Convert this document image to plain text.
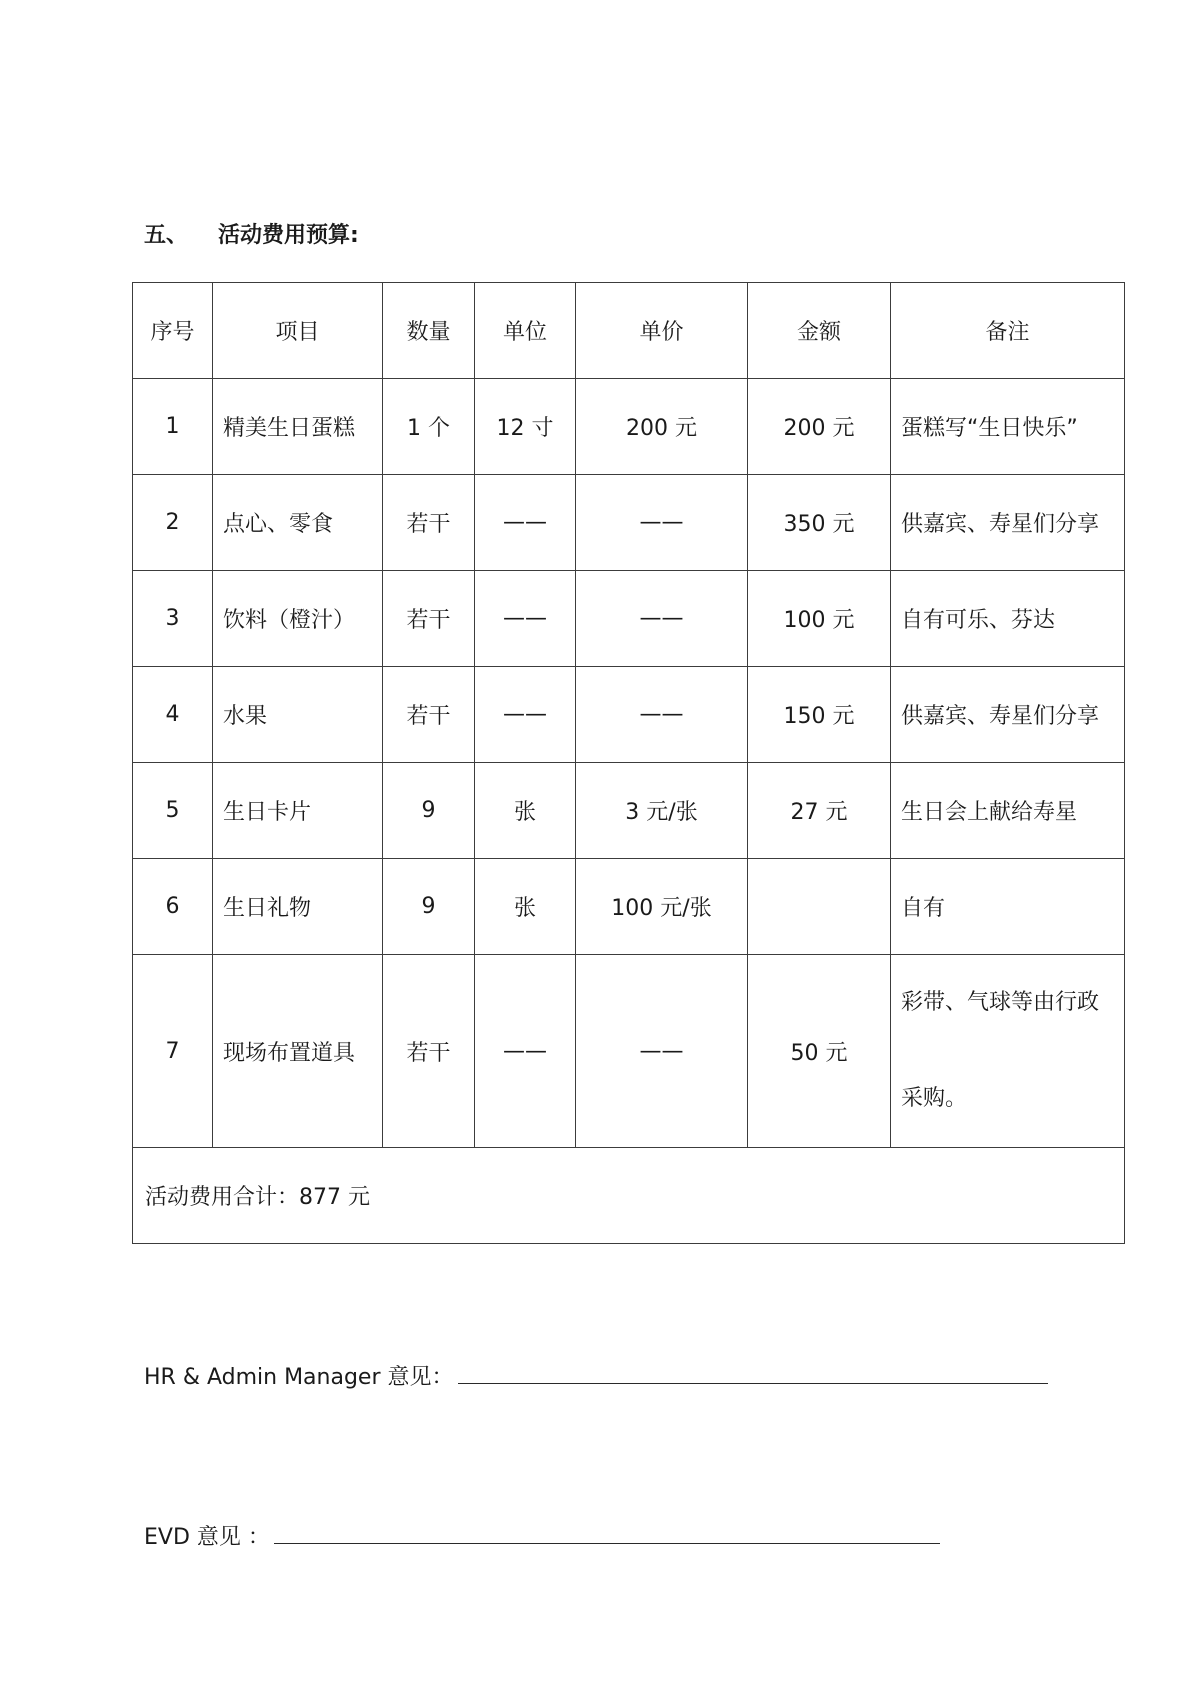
五、 活动费用预算:
序号	项目	数量	单位	单价	金额	备注
1	精美生日蛋糕	1 个	12 寸	200 元	200 元	蛋糕写“生日快乐”
2	点心、零食	若干	——	——	350 元	供嘉宾、寿星们分享
3	饮料（橙汁）	若干	——	——	100 元	自有可乐、芬达
4	水果	若干	——	——	150 元	供嘉宾、寿星们分享
5	生日卡片	9	张	3 元/张	27 元	生日会上献给寿星
6	生日礼物	9	张	100 元/张		自有
7	现场布置道具	若干	——	——	50 元	彩带、气球等由行政
采购。

活动费用合计：877 元						
HR & Admin Manager 意见：
EVD 意见 ：
